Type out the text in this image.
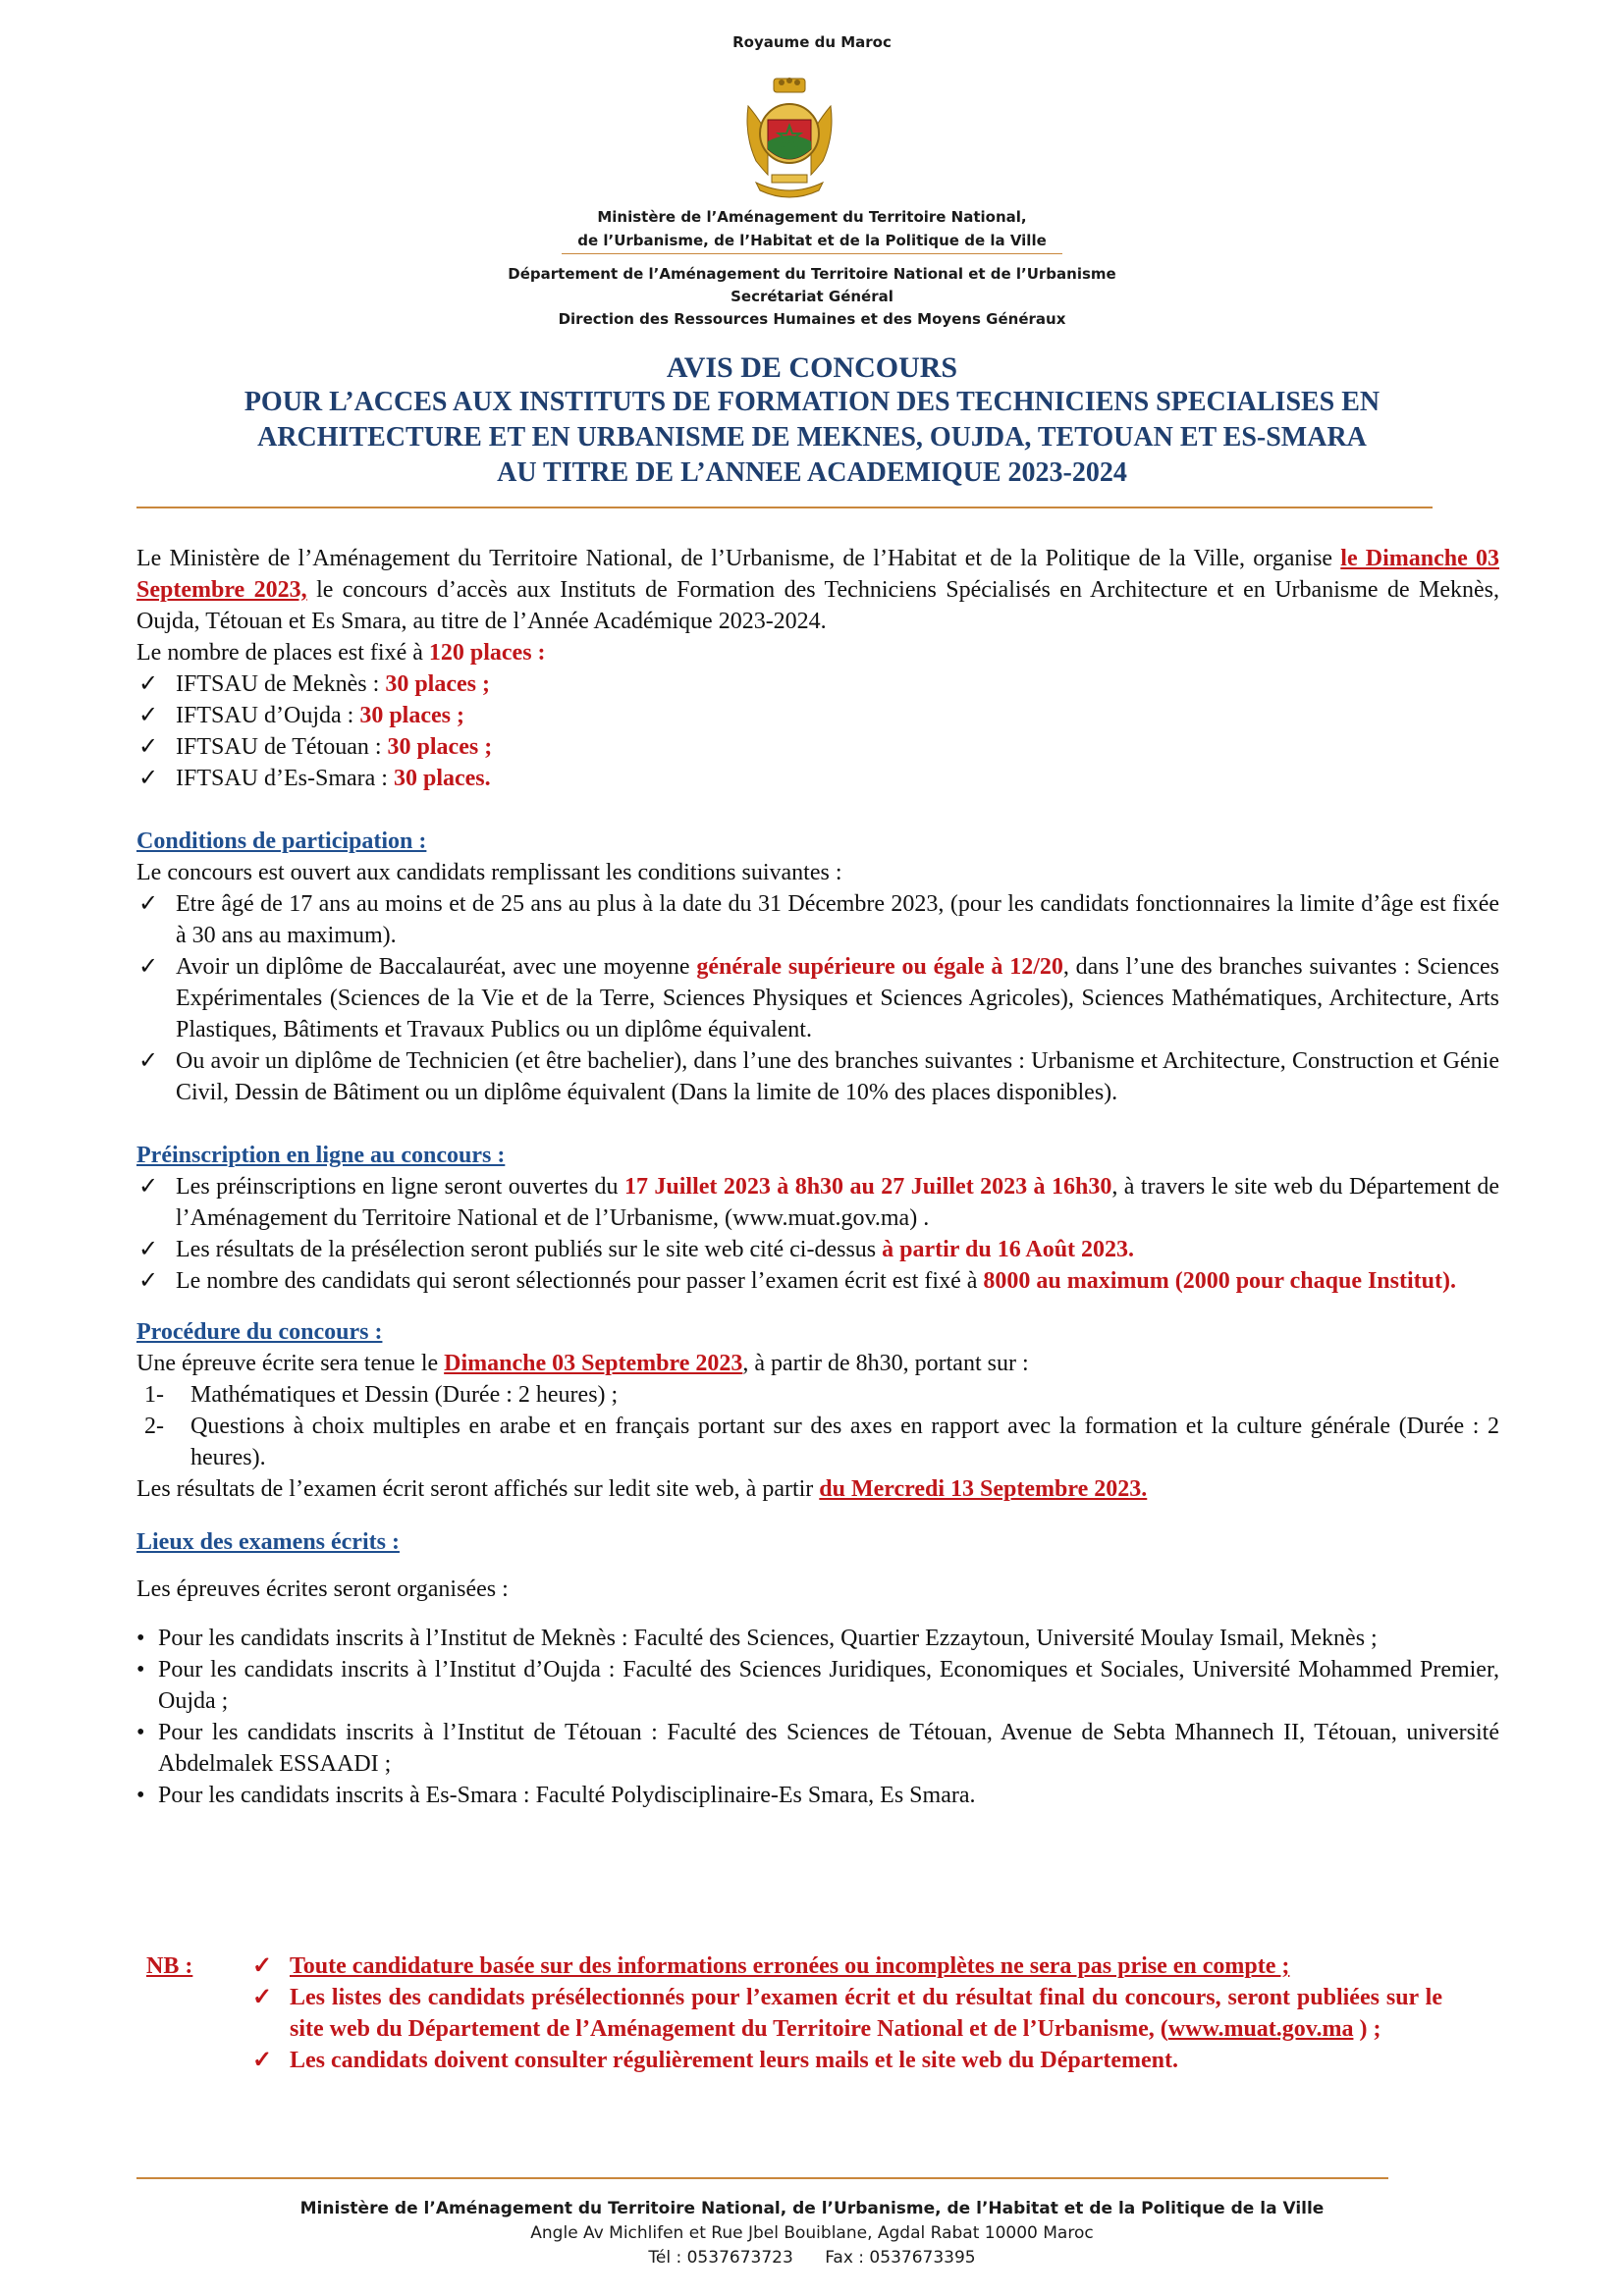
Royaume du Maroc
Ministère de l’Aménagement du Territoire National,
de l’Urbanisme, de l’Habitat et de la Politique de la Ville
Département de l’Aménagement du Territoire National et de l’Urbanisme
Secrétariat Général
Direction des Ressources Humaines et des Moyens Généraux
AVIS DE CONCOURS
POUR L’ACCES AUX INSTITUTS DE FORMATION DES TECHNICIENS SPECIALISES EN
ARCHITECTURE ET EN URBANISME DE MEKNES, OUJDA, TETOUAN ET ES-SMARA
AU TITRE DE L’ANNEE ACADEMIQUE 2023-2024

Le Ministère de l’Aménagement du Territoire National, de l’Urbanisme, de l’Habitat et de la Politique de la Ville, organise le Dimanche 03 Septembre 2023, le concours d’accès aux Instituts de Formation des Techniciens Spécialisés en Architecture et en Urbanisme de Meknès, Oujda, Tétouan et Es Smara, au titre de l’Année Académique 2023-2024.

Le nombre de places est fixé à 120 places :

✓ IFTSAU de Meknès : 30 places ;

✓ IFTSAU d’Oujda : 30 places ;

✓ IFTSAU de Tétouan : 30 places ;

✓ IFTSAU d’Es-Smara : 30 places.

Conditions de participation :

Le concours est ouvert aux candidats remplissant les conditions suivantes :

✓ Etre âgé de 17 ans au moins et de 25 ans au plus à la date du 31 Décembre 2023, (pour les candidats fonctionnaires la limite d’âge est fixée à 30 ans au maximum).

✓ Avoir un diplôme de Baccalauréat, avec une moyenne générale supérieure ou égale à 12/20, dans l’une des branches suivantes : Sciences Expérimentales (Sciences de la Vie et de la Terre, Sciences Physiques et Sciences Agricoles), Sciences Mathématiques, Architecture, Arts Plastiques, Bâtiments et Travaux Publics ou un diplôme équivalent.

✓ Ou avoir un diplôme de Technicien (et être bachelier), dans l’une des branches suivantes : Urbanisme et Architecture, Construction et Génie Civil, Dessin de Bâtiment ou un diplôme équivalent (Dans la limite de 10% des places disponibles).

Préinscription en ligne au concours :

✓ Les préinscriptions en ligne seront ouvertes du 17 Juillet 2023 à 8h30 au 27 Juillet 2023 à 16h30, à travers le site web du Département de l’Aménagement du Territoire National et de l’Urbanisme, (www.muat.gov.ma) .

✓ Les résultats de la présélection seront publiés sur le site web cité ci-dessus à partir du 16 Août 2023.

✓ Le nombre des candidats qui seront sélectionnés pour passer l’examen écrit est fixé à 8000 au maximum (2000 pour chaque Institut).

Procédure du concours :

Une épreuve écrite sera tenue le Dimanche 03 Septembre 2023, à partir de 8h30, portant sur :

1- Mathématiques et Dessin (Durée : 2 heures) ;

2- Questions à choix multiples en arabe et en français portant sur des axes en rapport avec la formation et la culture générale (Durée : 2 heures).

Les résultats de l’examen écrit seront affichés sur ledit site web, à partir du Mercredi 13 Septembre 2023.

Lieux des examens écrits :

Les épreuves écrites seront organisées :

• Pour les candidats inscrits à l’Institut de Meknès : Faculté des Sciences, Quartier Ezzaytoun, Université Moulay Ismail, Meknès ;

• Pour les candidats inscrits à l’Institut d’Oujda : Faculté des Sciences Juridiques, Economiques et Sociales, Université Mohammed Premier, Oujda ;

• Pour les candidats inscrits à l’Institut de Tétouan : Faculté des Sciences de Tétouan, Avenue de Sebta Mhannech II, Tétouan, université Abdelmalek ESSAADI ;

• Pour les candidats inscrits à Es-Smara : Faculté Polydisciplinaire-Es Smara, Es Smara.

NB :	✓ Toute candidature basée sur des informations erronées ou incomplètes ne sera pas prise en compte ;

✓ Les listes des candidats présélectionnés pour l’examen écrit et du résultat final du concours, seront publiées sur le site web du Département de l’Aménagement du Territoire National et de l’Urbanisme, (www.muat.gov.ma ) ;

✓ Les candidats doivent consulter régulièrement leurs mails et le site web du Département.

Ministère de l’Aménagement du Territoire National, de l’Urbanisme, de l’Habitat et de la Politique de la Ville
Angle Av Michlifen et Rue Jbel Bouiblane, Agdal Rabat 10000 Maroc
Tél : 0537673723      Fax : 0537673395
